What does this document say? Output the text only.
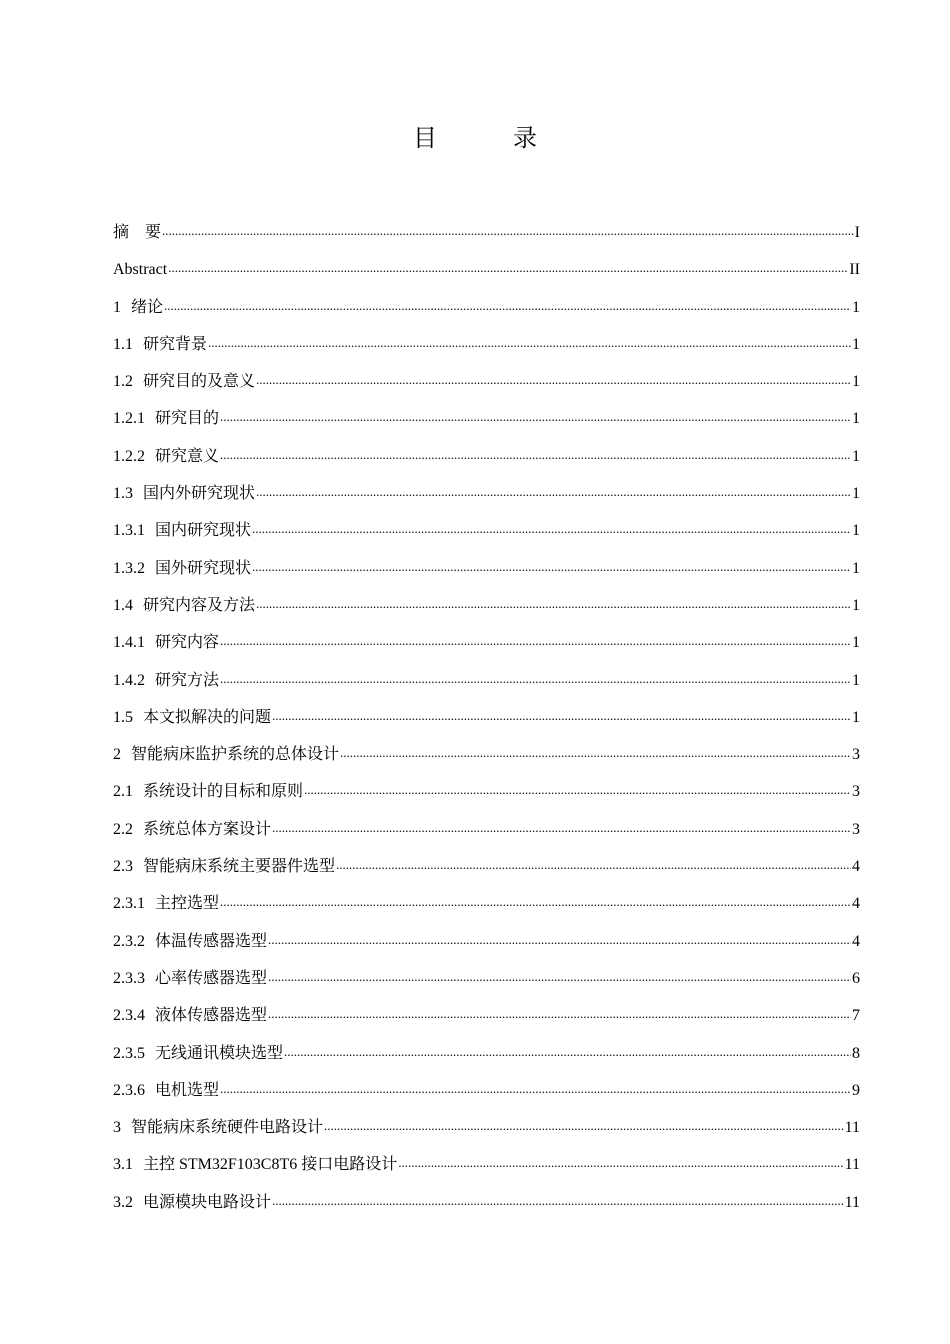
目　录
摘　要 .....	I
Abstract .....	II
1 绪论 .....	1
1.1 研究背景 .....	1
1.2 研究目的及意义 .....	1
1.2.1 研究目的 .....	1
1.2.2 研究意义 .....	1
1.3 国内外研究现状 .....	1
1.3.1 国内研究现状 .....	1
1.3.2 国外研究现状 .....	1
1.4 研究内容及方法 .....	1
1.4.1 研究内容 .....	1
1.4.2 研究方法 .....	1
1.5 本文拟解决的问题 .....	1
2 智能病床监护系统的总体设计 .....	3
2.1 系统设计的目标和原则 .....	3
2.2 系统总体方案设计 .....	3
2.3 智能病床系统主要器件选型 .....	4
2.3.1 主控选型 .....	4
2.3.2 体温传感器选型 .....	4
2.3.3 心率传感器选型 .....	6
2.3.4 液体传感器选型 .....	7
2.3.5 无线通讯模块选型 .....	8
2.3.6 电机选型 .....	9
3 智能病床系统硬件电路设计 .....	11
3.1 主控 STM32F103C8T6 接口电路设计 .....	11
3.2 电源模块电路设计 .....	11
